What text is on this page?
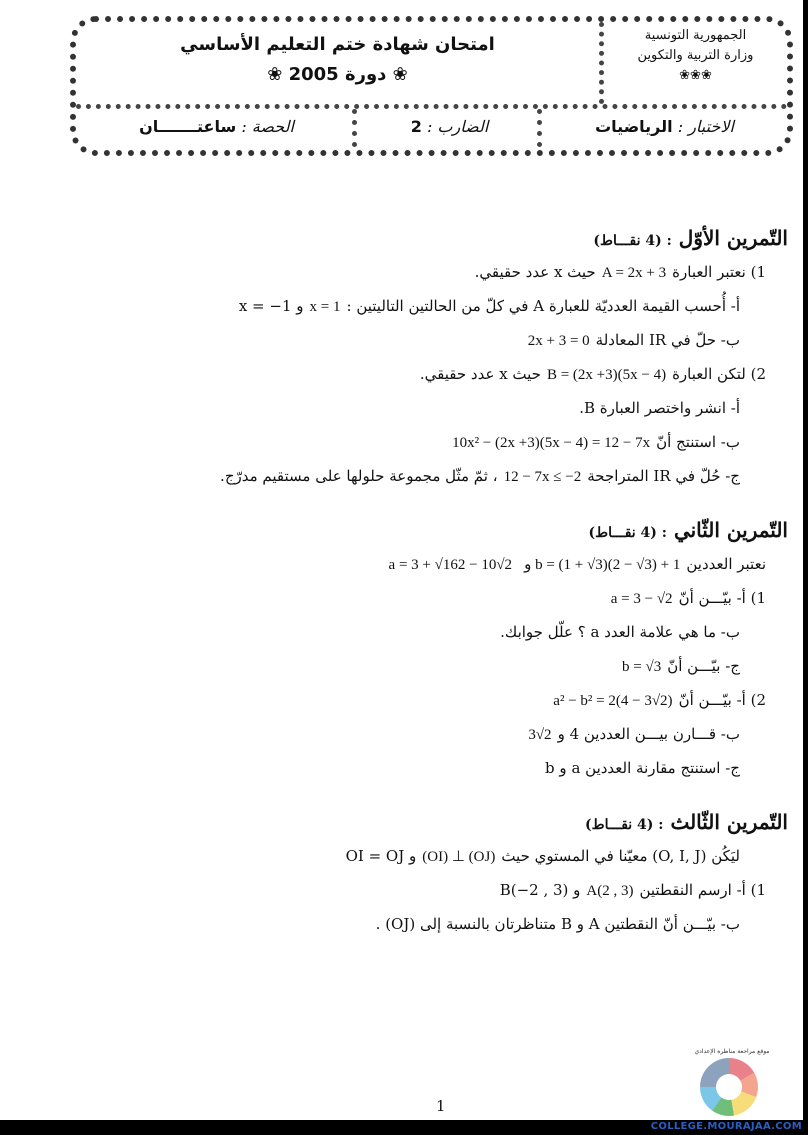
امتحان شهادة ختم التعليم الأساسي
❀ دورة 2005 ❀
الجمهورية التونسية
وزارة التربية والتكوين
❀❀❀
الاختبار : الرياضيات
الضارب : 2
الحصة : ساعتـــــــان
التّمرين الأوّل : (4 نقـــاط)
1) نعتبر العبارةA = 2x + 3حيث x عدد حقيقي.
أ- أُحسب القيمة العدديّة للعبارة A في كلّ من الحالتين التاليتين :x = 1و x = −1
ب- حلّ في IR المعادلة2x + 3 = 0
2) لتكن العبارةB = (2x +3)(5x − 4)حيث x عدد حقيقي.
أ- انشر واختصر العبارة B.
ب- استنتج أنّ10x² − (2x +3)(5x − 4) = 12 − 7x
ج- حُلّ في IR المتراجحة12 − 7x ≤ −2، ثمّ مثّل مجموعة حلولها على مستقيم مدرّج.
التّمرين الثّاني : (4 نقـــاط)
نعتبر العددينa = 3 + √162 − 10√2 و b = (1 + √3)(2 − √3) + 1
1) أ- بيّـــن أنّa = 3 − √2
ب- ما هي علامة العدد a ؟ علّل جوابك.
ج- بيّـــن أنّb = √3
2) أ- بيّـــن أنّa² − b² = 2(4 − 3√2)
ب- قـــارن بيـــن العددين 4 و3√2
ج- استنتج مقارنة العددين a و b
التّمرين الثّالث : (4 نقـــاط)
ليَكُن (O, I, J) معيّنا في المستوي حيث(OI) ⊥ (OJ)و OI = OJ
1) أ- ارسم النقطتينA(2 , 3)و B(−2 , 3)
ب- بيّـــن أنّ النقطتين A و B متناظرتان بالنسبة إلى (OJ) .
1
موقع مراجعة مناظرة الإعدادي
COLLEGE.MOURAJAA.COM
